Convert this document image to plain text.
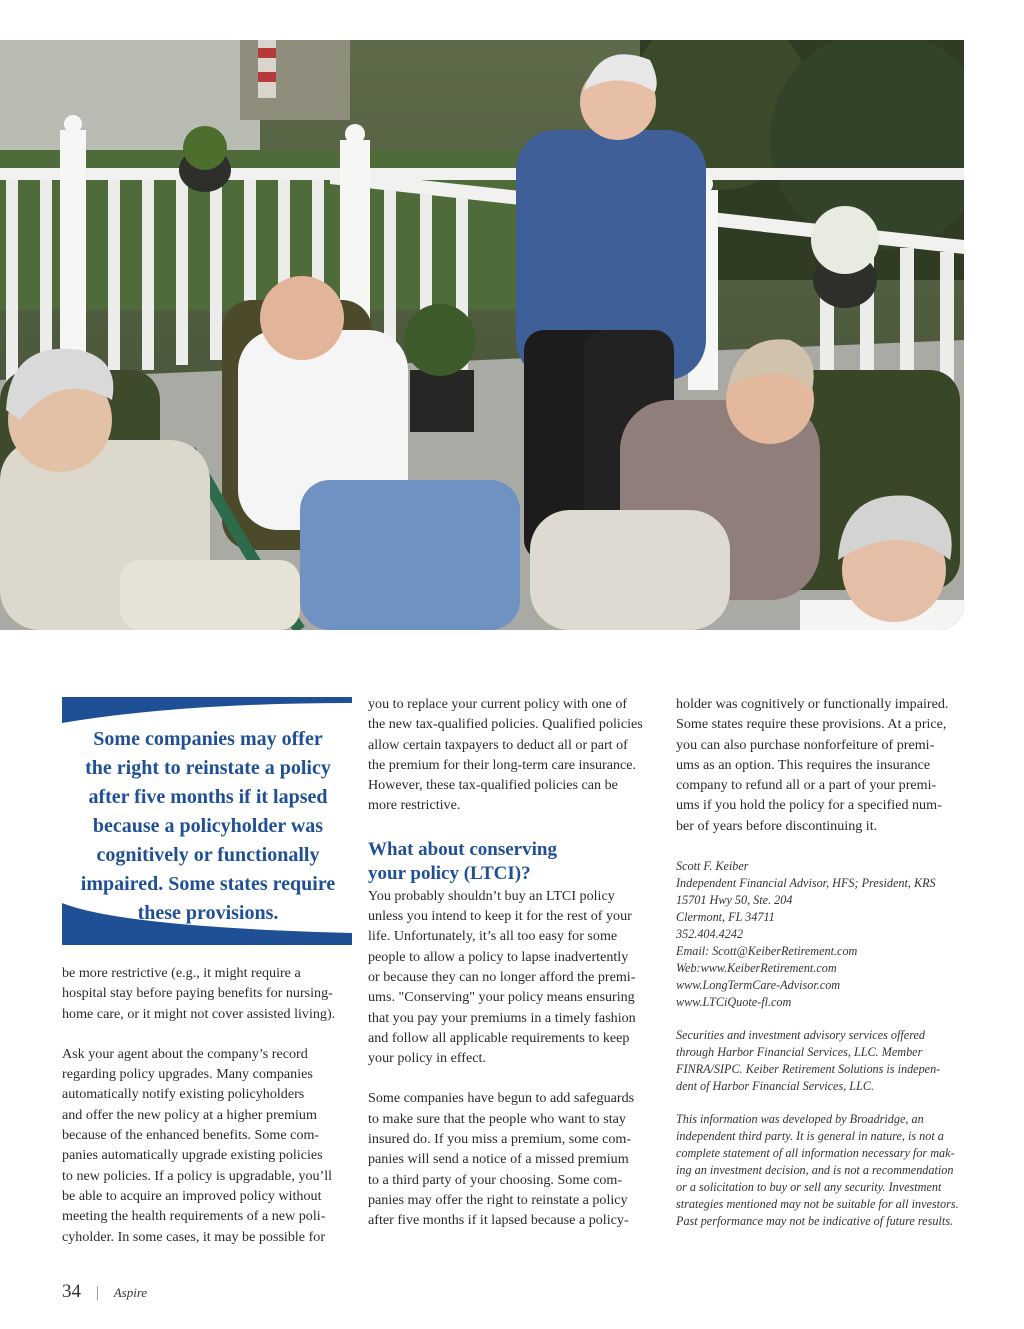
Some companies may offer
the right to reinstate a policy
after five months if it lapsed
because a policyholder was
cognitively or functionally
impaired. Some states require
these provisions.

be more restrictive (e.g., it might require a
hospital stay before paying benefits for nursing-
home care, or it might not cover assisted living).

Ask your agent about the company’s record
regarding policy upgrades. Many companies
automatically notify existing policyholders
and offer the new policy at a higher premium
because of the enhanced benefits. Some com-
panies automatically upgrade existing policies
to new policies. If a policy is upgradable, you’ll
be able to acquire an improved policy without
meeting the health requirements of a new poli-
cyholder. In some cases, it may be possible for

you to replace your current policy with one of
the new tax-qualified policies. Qualified policies
allow certain taxpayers to deduct all or part of
the premium for their long-term care insurance.
However, these tax-qualified policies can be
more restrictive.

What about conserving
your policy (LTCI)?

You probably shouldn’t buy an LTCI policy
unless you intend to keep it for the rest of your
life. Unfortunately, it’s all too easy for some
people to allow a policy to lapse inadvertently
or because they can no longer afford the premi-
ums. "Conserving" your policy means ensuring
that you pay your premiums in a timely fashion
and follow all applicable requirements to keep
your policy in effect.

Some companies have begun to add safeguards
to make sure that the people who want to stay
insured do. If you miss a premium, some com-
panies will send a notice of a missed premium
to a third party of your choosing. Some com-
panies may offer the right to reinstate a policy
after five months if it lapsed because a policy-

holder was cognitively or functionally impaired.
Some states require these provisions. At a price,
you can also purchase nonforfeiture of premi-
ums as an option. This requires the insurance
company to refund all or a part of your premi-
ums if you hold the policy for a specified num-
ber of years before discontinuing it.

Scott F. Keiber
Independent Financial Advisor, HFS; President, KRS
15701 Hwy 50, Ste. 204
Clermont, FL 34711
352.404.4242
Email: Scott@KeiberRetirement.com
Web:www.KeiberRetirement.com
www.LongTermCare-Advisor.com
www.LTCiQuote-fl.com

Securities and investment advisory services offered
through Harbor Financial Services, LLC. Member
FINRA/SIPC. Keiber Retirement Solutions is indepen-
dent of Harbor Financial Services, LLC.

This information was developed by Broadridge, an
independent third party. It is general in nature, is not a
complete statement of all information necessary for mak-
ing an investment decision, and is not a recommendation
or a solicitation to buy or sell any security. Investment
strategies mentioned may not be suitable for all investors.
Past performance may not be indicative of future results.

34 | Aspire
